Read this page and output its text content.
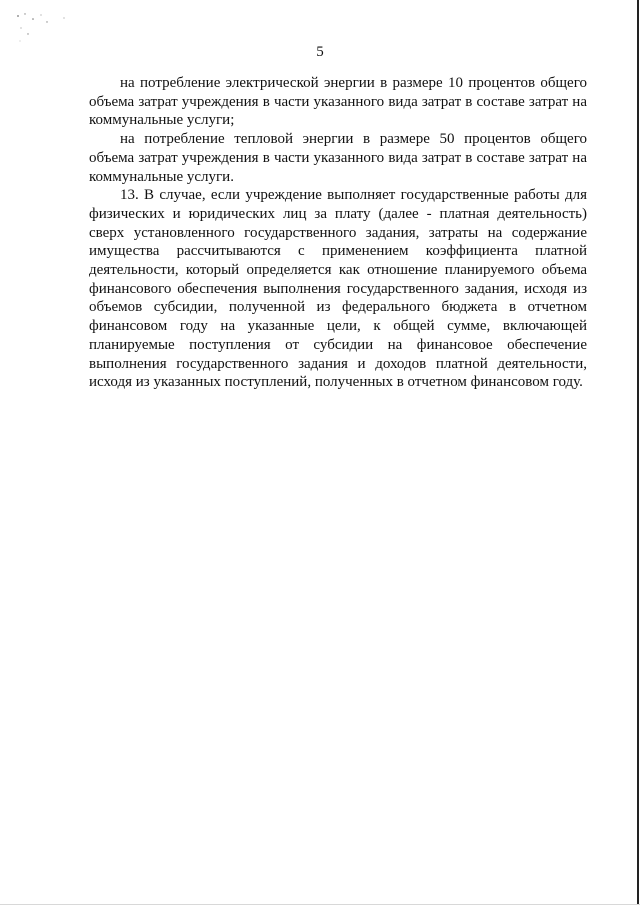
5

на потребление электрической энергии в размере 10 процентов общего объема затрат учреждения в части указанного вида затрат в составе затрат на коммунальные услуги;

на потребление тепловой энергии в размере 50 процентов общего объема затрат учреждения в части указанного вида затрат в составе затрат на коммунальные услуги.

13. В случае, если учреждение выполняет государственные работы для физических и юридических лиц за плату (далее - платная деятельность) сверх установленного государственного задания, затраты на содержание имущества рассчитываются с применением коэффициента платной деятельности, который определяется как отношение планируемого объема финансового обеспечения выполнения государственного задания, исходя из объемов субсидии, полученной из федерального бюджета в отчетном финансовом году на указанные цели, к общей сумме, включающей планируемые поступления от субсидии на финансовое обеспечение выполнения государственного задания и доходов платной деятельности, исходя из указанных поступлений, полученных в отчетном финансовом году.
